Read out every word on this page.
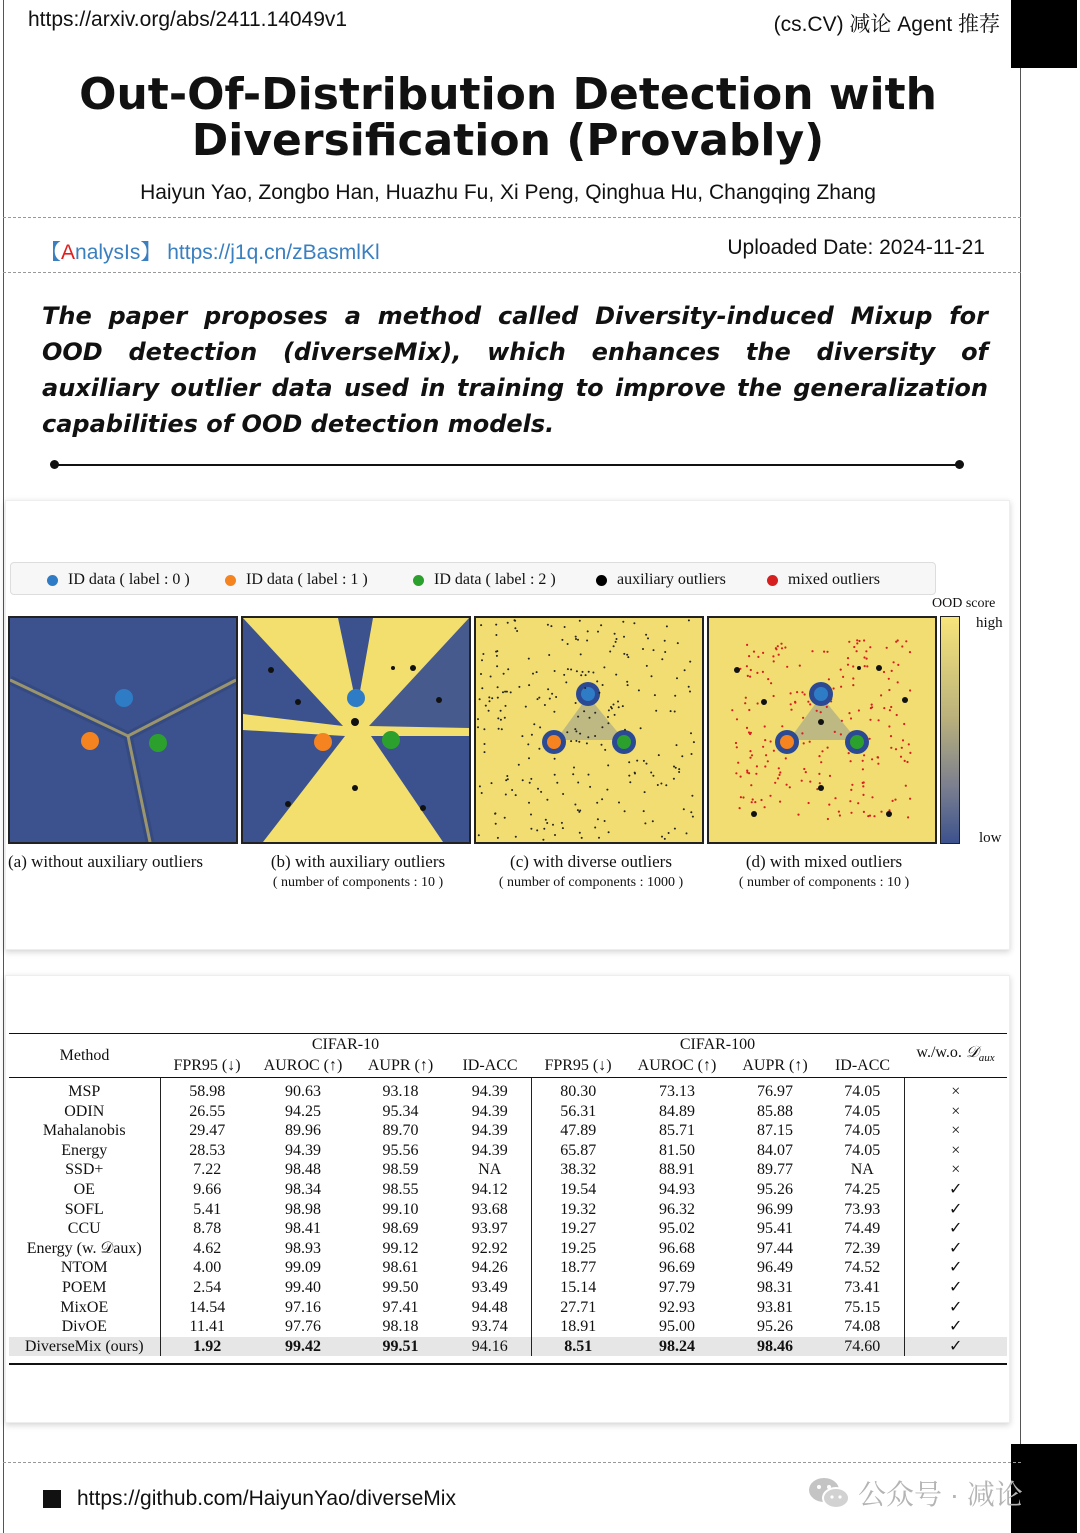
https://arxiv.org/abs/2411.14049v1	(cs.CV) 减论 Agent 推荐
Out-Of-Distribution Detection with
Diversification (Provably)
Haiyun Yao, Zongbo Han, Huazhu Fu, Xi Peng, Qinghua Hu, Changqing Zhang
【AnalysIs】 https://j1q.cn/zBasmlKl	Uploaded Date: 2024-11-21
The paper proposes a method called Diversity-induced Mixup for OOD detection (diverseMix), which enhances the diversity of auxiliary outlier data used in training to improve the generalization capabilities of OOD detection models.
ID data ( label : 0 )	ID data ( label : 1 )	ID data ( label : 2 )	auxiliary outliers	mixed outliers
OOD score
high
low
(a) without auxiliary outliers	(b) with auxiliary outliers
( number of components : 10 )
(c) with diverse outliers
( number of components : 1000 )
(d) with mixed outliers
( number of components : 10 )
Method	CIFAR-10				CIFAR-100				w./w.o. 𝒟$_{aux}$
	FPR95 (↓)	AUROC (↑)	AUPR (↑)	ID-ACC	FPR95 (↓)	AUROC (↑)	AUPR (↑)	ID-ACC	
MSP	58.98	90.63	93.18	94.39	80.30	73.13	76.97	74.05	×
ODIN	26.55	94.25	95.34	94.39	56.31	84.89	85.88	74.05	×
Mahalanobis	29.47	89.96	89.70	94.39	47.89	85.71	87.15	74.05	×
Energy	28.53	94.39	95.56	94.39	65.87	81.50	84.07	74.05	×
SSD+	7.22	98.48	98.59	NA	38.32	88.91	89.77	NA	×
OE	9.66	98.34	98.55	94.12	19.54	94.93	95.26	74.25	✓
SOFL	5.41	98.98	99.10	93.68	19.32	96.32	96.99	73.93	✓
CCU	8.78	98.41	98.69	93.97	19.27	95.02	95.41	74.49	✓
Energy (w. 𝒟aux)	4.62	98.93	99.12	92.92	19.25	96.68	97.44	72.39	✓
NTOM	4.00	99.09	98.61	94.26	18.77	96.69	96.49	74.52	✓
POEM	2.54	99.40	99.50	93.49	15.14	97.79	98.31	73.41	✓
MixOE	14.54	97.16	97.41	94.48	27.71	92.93	93.81	75.15	✓
DivOE	11.41	97.76	98.18	93.74	18.91	95.00	95.26	74.08	✓
DiverseMix (ours)	1.92	99.42	99.51	94.16	8.51	98.24	98.46	74.60	✓
https://github.com/HaiyunYao/diverseMix	公众号 · 减论
